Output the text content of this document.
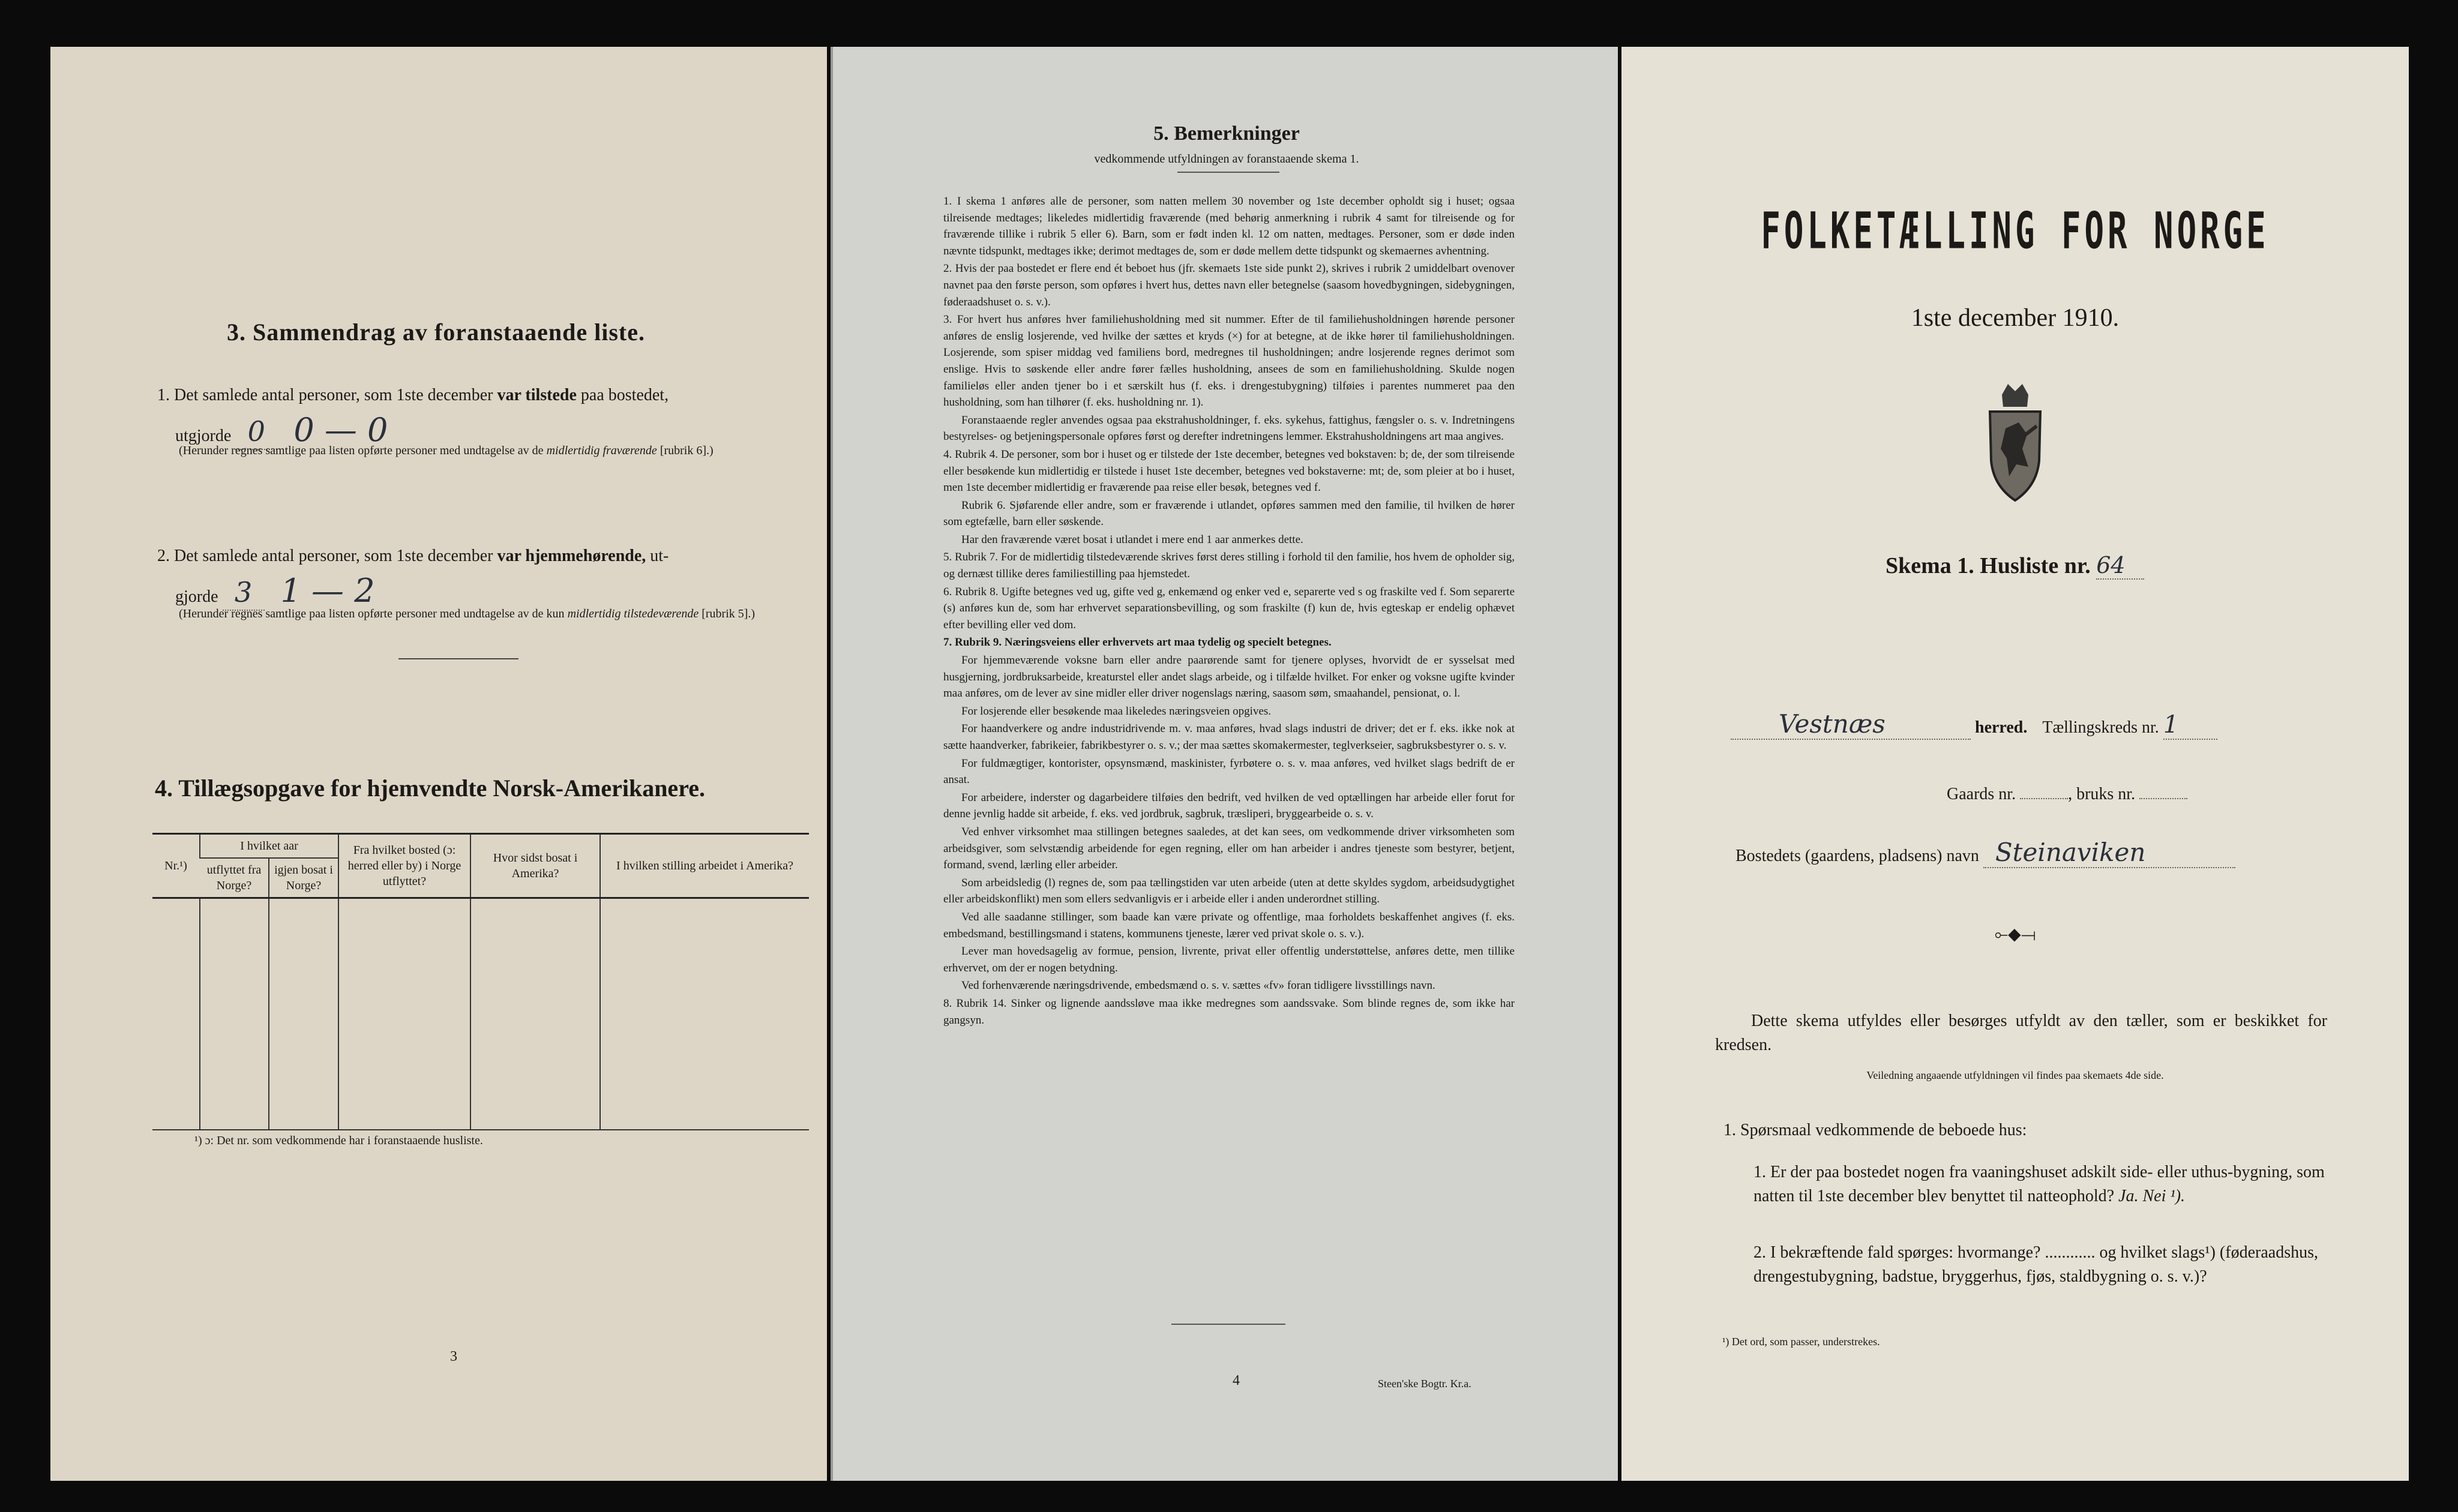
3. Sammendrag av foranstaaende liste.
1. Det samlede antal personer, som 1ste december var tilstede paa bostedet,
utgjorde 0 0 — 0
(Herunder regnes samtlige paa listen opførte personer med undtagelse av de midlertidig fraværende [rubrik 6].)
2. Det samlede antal personer, som 1ste december var hjemmehørende, ut-
gjorde 3 1 — 2
(Herunder regnes samtlige paa listen opførte personer med undtagelse av de kun midlertidig tilstedeværende [rubrik 5].)
4. Tillægsopgave for hjemvendte Norsk-Amerikanere.
Nr.¹)	I hvilket aar		Fra hvilket bosted (ɔ: herred eller by) i Norge utflyttet?	Hvor sidst bosat i Amerika?	I hvilken stilling arbeidet i Amerika?
	utflyttet fra Norge?	igjen bosat i Norge?			

¹) ɔ: Det nr. som vedkommende har i foranstaaende husliste.
3
5. Bemerkninger
vedkommende utfyldningen av foranstaaende skema 1.

1. I skema 1 anføres alle de personer, som natten mellem 30 november og 1ste december opholdt sig i huset; ogsaa tilreisende medtages; likeledes midlertidig fraværende (med behørig anmerkning i rubrik 4 samt for tilreisende og for fraværende tillike i rubrik 5 eller 6). Barn, som er født inden kl. 12 om natten, medtages. Personer, som er døde inden nævnte tidspunkt, medtages ikke; derimot medtages de, som er døde mellem dette tidspunkt og skemaernes avhentning.

2. Hvis der paa bostedet er flere end ét beboet hus (jfr. skemaets 1ste side punkt 2), skrives i rubrik 2 umiddelbart ovenover navnet paa den første person, som opføres i hvert hus, dettes navn eller betegnelse (saasom hovedbygningen, sidebygningen, føderaadshuset o. s. v.).

3. For hvert hus anføres hver familiehusholdning med sit nummer. Efter de til familiehusholdningen hørende personer anføres de enslig losjerende, ved hvilke der sættes et kryds (×) for at betegne, at de ikke hører til familiehusholdningen. Losjerende, som spiser middag ved familiens bord, medregnes til husholdningen; andre losjerende regnes derimot som enslige. Hvis to søskende eller andre fører fælles husholdning, ansees de som en familiehusholdning. Skulde nogen familieløs eller anden tjener bo i et særskilt hus (f. eks. i drengestubygning) tilføies i parentes nummeret paa den husholdning, som han tilhører (f. eks. husholdning nr. 1).

Foranstaaende regler anvendes ogsaa paa ekstrahusholdninger, f. eks. sykehus, fattighus, fængsler o. s. v. Indretningens bestyrelses- og betjeningspersonale opføres først og derefter indretningens lemmer. Ekstrahusholdningens art maa angives.

4. Rubrik 4. De personer, som bor i huset og er tilstede der 1ste december, betegnes ved bokstaven: b; de, der som tilreisende eller besøkende kun midlertidig er tilstede i huset 1ste december, betegnes ved bokstaverne: mt; de, som pleier at bo i huset, men 1ste december midlertidig er fraværende paa reise eller besøk, betegnes ved f.

Rubrik 6. Sjøfarende eller andre, som er fraværende i utlandet, opføres sammen med den familie, til hvilken de hører som egtefælle, barn eller søskende.

Har den fraværende været bosat i utlandet i mere end 1 aar anmerkes dette.

5. Rubrik 7. For de midlertidig tilstedeværende skrives først deres stilling i forhold til den familie, hos hvem de opholder sig, og dernæst tillike deres familiestilling paa hjemstedet.

6. Rubrik 8. Ugifte betegnes ved ug, gifte ved g, enkemænd og enker ved e, separerte ved s og fraskilte ved f. Som separerte (s) anføres kun de, som har erhvervet separationsbevilling, og som fraskilte (f) kun de, hvis egteskap er endelig ophævet efter bevilling eller ved dom.

7. Rubrik 9. Næringsveiens eller erhvervets art maa tydelig og specielt betegnes.

For hjemmeværende voksne barn eller andre paarørende samt for tjenere oplyses, hvorvidt de er sysselsat med husgjerning, jordbruksarbeide, kreaturstel eller andet slags arbeide, og i tilfælde hvilket. For enker og voksne ugifte kvinder maa anføres, om de lever av sine midler eller driver nogenslags næring, saasom søm, smaahandel, pensionat, o. l.

For losjerende eller besøkende maa likeledes næringsveien opgives.

For haandverkere og andre industridrivende m. v. maa anføres, hvad slags industri de driver; det er f. eks. ikke nok at sætte haandverker, fabrikeier, fabrikbestyrer o. s. v.; der maa sættes skomakermester, teglverkseier, sagbruksbestyrer o. s. v.

For fuldmægtiger, kontorister, opsynsmænd, maskinister, fyrbøtere o. s. v. maa anføres, ved hvilket slags bedrift de er ansat.

For arbeidere, inderster og dagarbeidere tilføies den bedrift, ved hvilken de ved optællingen har arbeide eller forut for denne jevnlig hadde sit arbeide, f. eks. ved jordbruk, sagbruk, træsliperi, bryggearbeide o. s. v.

Ved enhver virksomhet maa stillingen betegnes saaledes, at det kan sees, om vedkommende driver virksomheten som arbeidsgiver, som selvstændig arbeidende for egen regning, eller om han arbeider i andres tjeneste som bestyrer, betjent, formand, svend, lærling eller arbeider.

Som arbeidsledig (l) regnes de, som paa tællingstiden var uten arbeide (uten at dette skyldes sygdom, arbeidsudygtighet eller arbeidskonflikt) men som ellers sedvanligvis er i arbeide eller i anden underordnet stilling.

Ved alle saadanne stillinger, som baade kan være private og offentlige, maa forholdets beskaffenhet angives (f. eks. embedsmand, bestillingsmand i statens, kommunens tjeneste, lærer ved privat skole o. s. v.).

Lever man hovedsagelig av formue, pension, livrente, privat eller offentlig understøttelse, anføres dette, men tillike erhvervet, om der er nogen betydning.

Ved forhenværende næringsdrivende, embedsmænd o. s. v. sættes «fv» foran tidligere livsstillings navn.

8. Rubrik 14. Sinker og lignende aandssløve maa ikke medregnes som aandssvake. Som blinde regnes de, som ikke har gangsyn.

4	Steen'ske Bogtr. Kr.a.
FOLKETÆLLING FOR NORGE
1ste december 1910.
Skema 1. Husliste nr. 64
Vestnæs	herred. Tællingskreds nr. 1
Gaards nr.	, bruks nr.
Bostedets (gaardens, pladsens) navn Steinaviken
⟜◆⟞
Dette skema utfyldes eller besørges utfyldt av den tæller, som er beskikket for kredsen.
Veiledning angaaende utfyldningen vil findes paa skemaets 4de side.
1. Spørsmaal vedkommende de beboede hus:
1. Er der paa bostedet nogen fra vaaningshuset adskilt side- eller uthus-bygning, som natten til 1ste december blev benyttet til natteophold? Ja. Nei ¹).
2. I bekræftende fald spørges: hvormange? ............ og hvilket slags¹) (føderaadshus, drengestubygning, badstue, bryggerhus, fjøs, staldbygning o. s. v.)?
¹) Det ord, som passer, understrekes.
